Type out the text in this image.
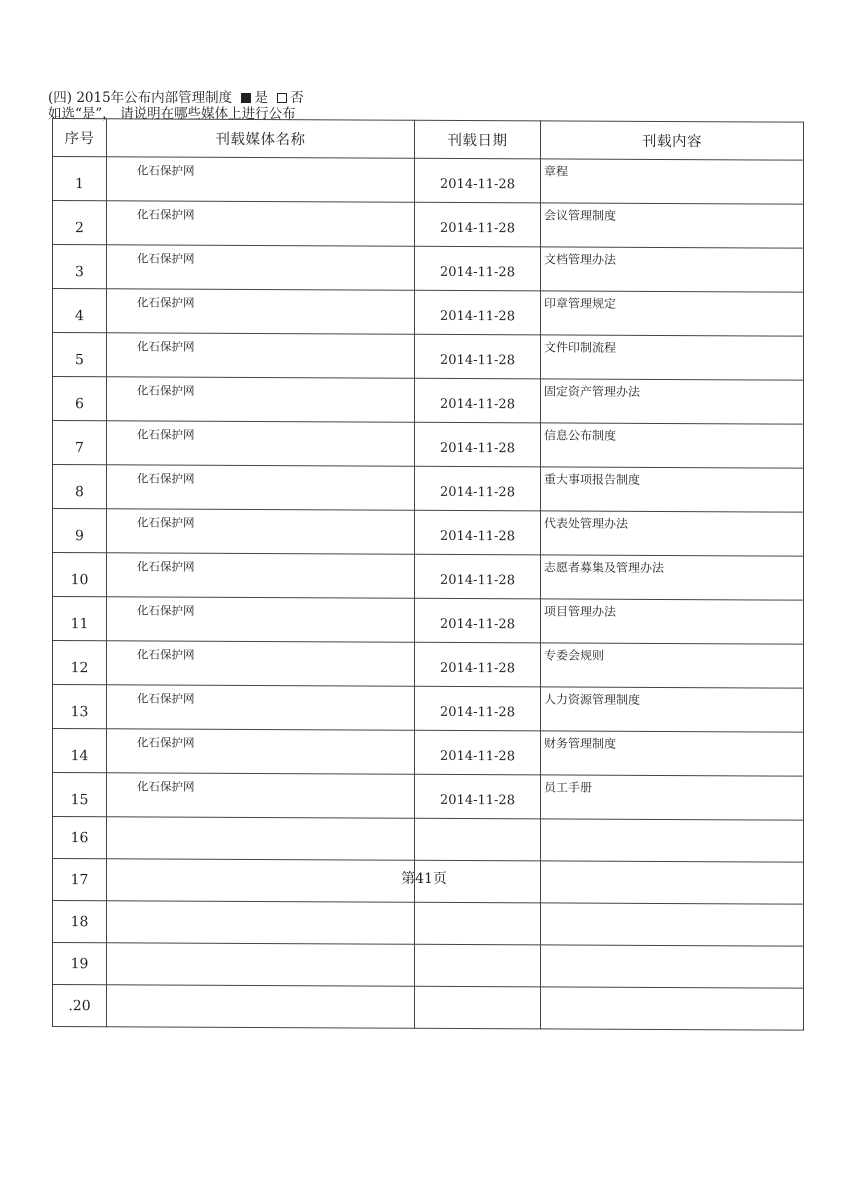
(四) 2015年公布内部管理制度 是 否
如选“是”， 请说明在哪些媒体上进行公布
序号	刊载媒体名称	刊载日期	刊载内容
1	化石保护网	2014-11-28	章程
2	化石保护网	2014-11-28	会议管理制度
3	化石保护网	2014-11-28	文档管理办法
4	化石保护网	2014-11-28	印章管理规定
5	化石保护网	2014-11-28	文件印制流程
6	化石保护网	2014-11-28	固定资产管理办法
7	化石保护网	2014-11-28	信息公布制度
8	化石保护网	2014-11-28	重大事项报告制度
9	化石保护网	2014-11-28	代表处管理办法
10	化石保护网	2014-11-28	志愿者募集及管理办法
11	化石保护网	2014-11-28	项目管理办法
12	化石保护网	2014-11-28	专委会规则
13	化石保护网	2014-11-28	人力资源管理制度
14	化石保护网	2014-11-28	财务管理制度
15	化石保护网	2014-11-28	员工手册
16			
17			
18			
19			
.20			
第41页
